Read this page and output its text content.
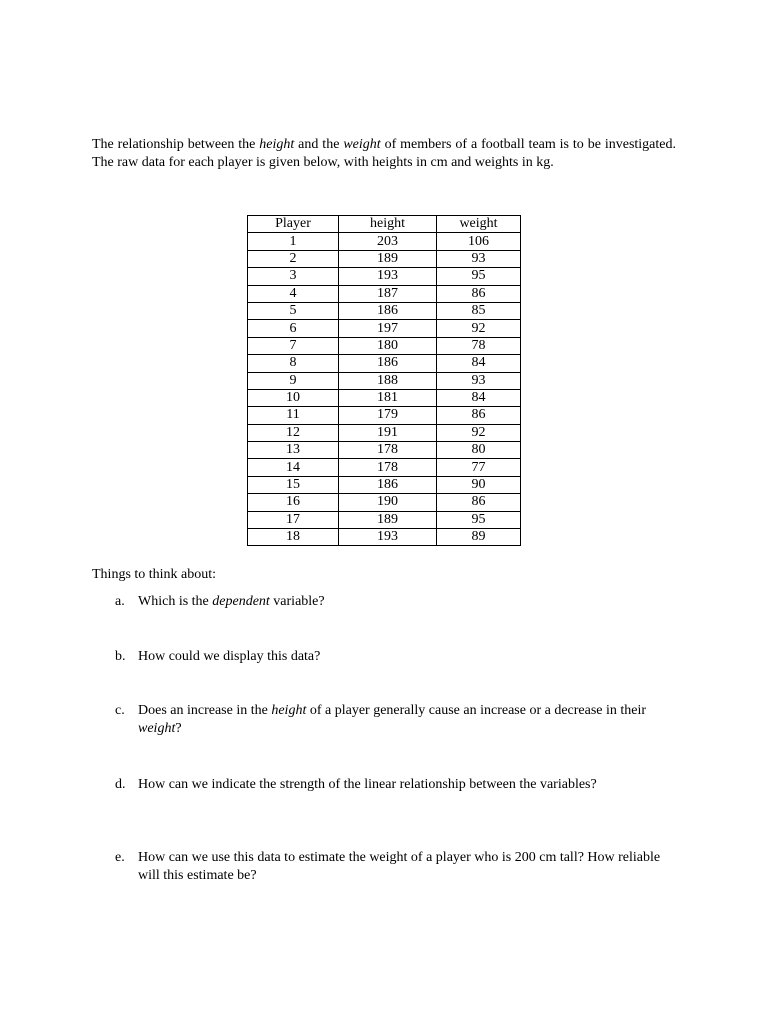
The relationship between the height and the weight of members of a football team is to be investigated. The raw data for each player is given below, with heights in cm and weights in kg.

Player	height	weight
1	203	106
2	189	93
3	193	95
4	187	86
5	186	85
6	197	92
7	180	78
8	186	84
9	188	93
10	181	84
11	179	86
12	191	92
13	178	80
14	178	77
15	186	90
16	190	86
17	189	95
18	193	89

Things to think about:

a. Which is the dependent variable?
b. How could we display this data?
c. Does an increase in the height of a player generally cause an increase or a decrease in their weight?
d. How can we indicate the strength of the linear relationship between the variables?
e. How can we use this data to estimate the weight of a player who is 200 cm tall? How reliable will this estimate be?
